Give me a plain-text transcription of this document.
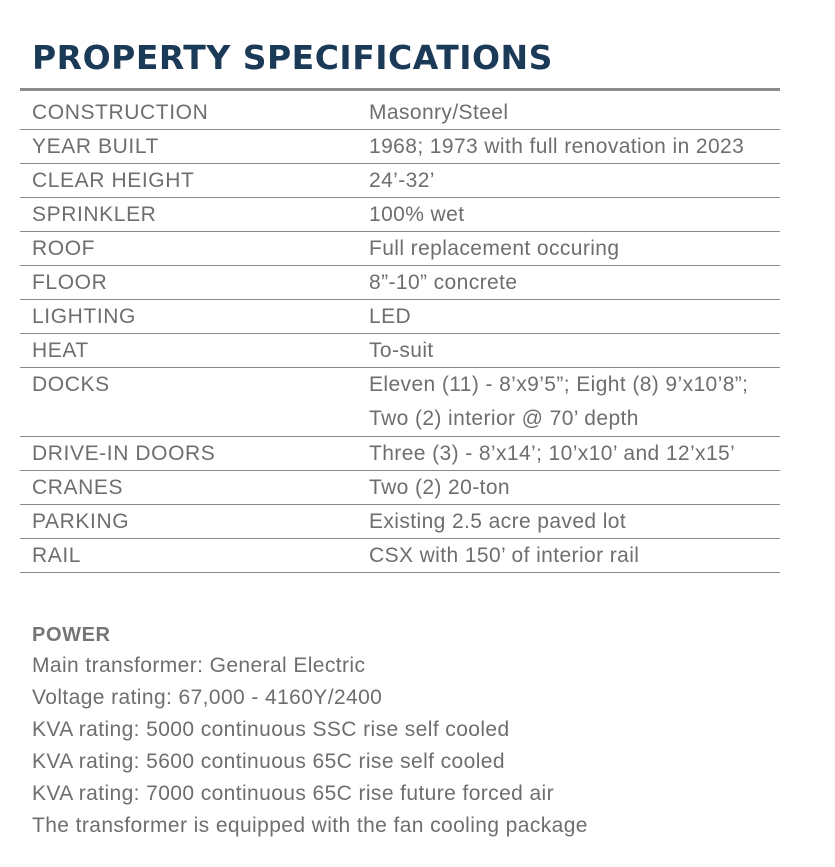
PROPERTY SPECIFICATIONS
CONSTRUCTION	Masonry/Steel
YEAR BUILT	1968; 1973 with full renovation in 2023
CLEAR HEIGHT	24’-32’
SPRINKLER	100% wet
ROOF	Full replacement occuring
FLOOR	8”-10” concrete
LIGHTING	LED
HEAT	To-suit
DOCKS	Eleven (11) - 8’x9’5”; Eight (8) 9’x10’8”;
Two (2) interior @ 70’ depth
DRIVE-IN DOORS	Three (3) - 8’x14’; 10’x10’ and 12’x15’
CRANES	Two (2) 20-ton
PARKING	Existing 2.5 acre paved lot
RAIL	CSX with 150’ of interior rail
POWER
Main transformer: General Electric
Voltage rating: 67,000 - 4160Y/2400
KVA rating: 5000 continuous SSC rise self cooled
KVA rating: 5600 continuous 65C rise self cooled
KVA rating: 7000 continuous 65C rise future forced air
The transformer is equipped with the fan cooling package
